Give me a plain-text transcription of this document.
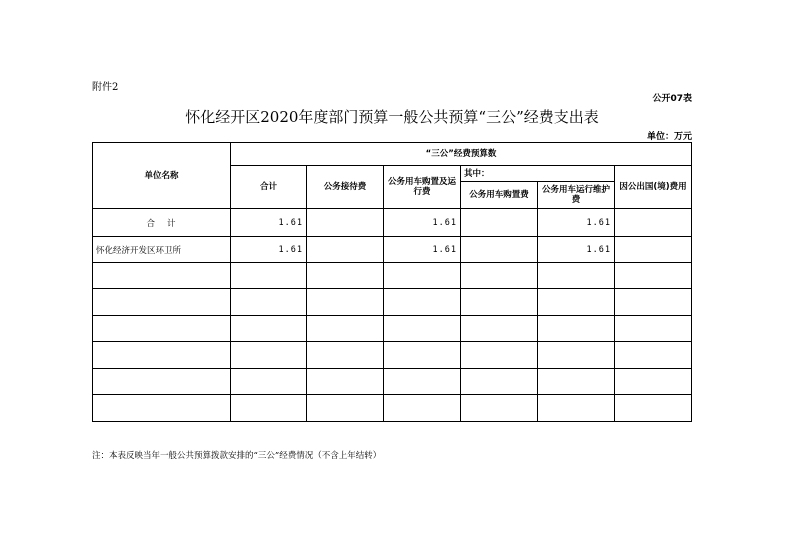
附件2
公开07表
怀化经开区2020年度部门预算一般公共预算“三公”经费支出表
单位：万元
单位名称	“三公”经费预算数					
	合计	公务接待费	公务用车购置及运行费	其中：		因公出国(境)费用
				公务用车购置费	公务用车运行维护费	
合计	1.61		1.61		1.61	
怀化经济开发区环卫所	1.61		1.61		1.61	

注：本表反映当年一般公共预算拨款安排的“三公”经费情况（不含上年结转）
